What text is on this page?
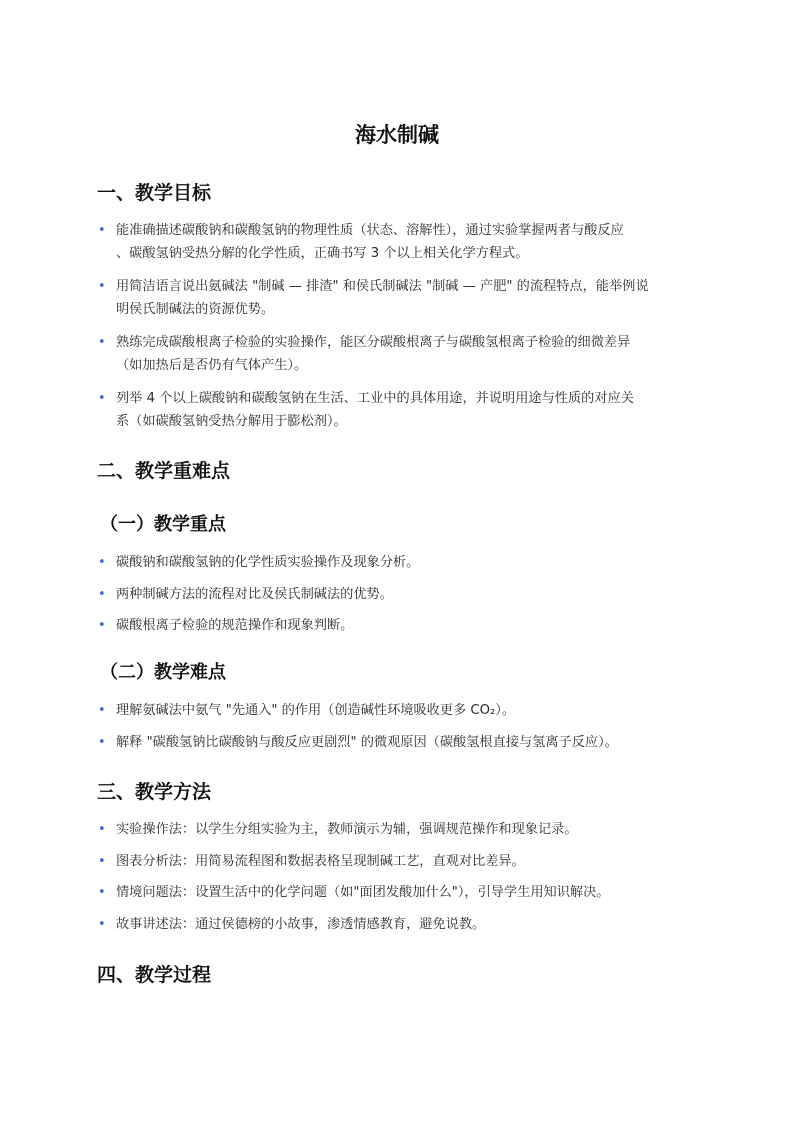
海水制碱
一、教学目标
•
能准确描述碳酸钠和碳酸氢钠的物理性质（状态、溶解性），通过实验掌握两者与酸反应
、碳酸氢钠受热分解的化学性质，正确书写 3 个以上相关化学方程式。
•
用简洁语言说出氨碱法 "制碱 — 排渣" 和侯氏制碱法 "制碱 — 产肥" 的流程特点，能举例说
明侯氏制碱法的资源优势。
•
熟练完成碳酸根离子检验的实验操作，能区分碳酸根离子与碳酸氢根离子检验的细微差异
（如加热后是否仍有气体产生）。
•
列举 4 个以上碳酸钠和碳酸氢钠在生活、工业中的具体用途，并说明用途与性质的对应关
系（如碳酸氢钠受热分解用于膨松剂）。
二、教学重难点
（一）教学重点
•
碳酸钠和碳酸氢钠的化学性质实验操作及现象分析。
•
两种制碱方法的流程对比及侯氏制碱法的优势。
•
碳酸根离子检验的规范操作和现象判断。
（二）教学难点
•
理解氨碱法中氨气 "先通入" 的作用（创造碱性环境吸收更多 CO₂）。
•
解释 "碳酸氢钠比碳酸钠与酸反应更剧烈" 的微观原因（碳酸氢根直接与氢离子反应）。
三、教学方法
•
实验操作法：以学生分组实验为主，教师演示为辅，强调规范操作和现象记录。
•
图表分析法：用简易流程图和数据表格呈现制碱工艺，直观对比差异。
•
情境问题法：设置生活中的化学问题（如"面团发酸加什么"），引导学生用知识解决。
•
故事讲述法：通过侯德榜的小故事，渗透情感教育，避免说教。
四、教学过程
